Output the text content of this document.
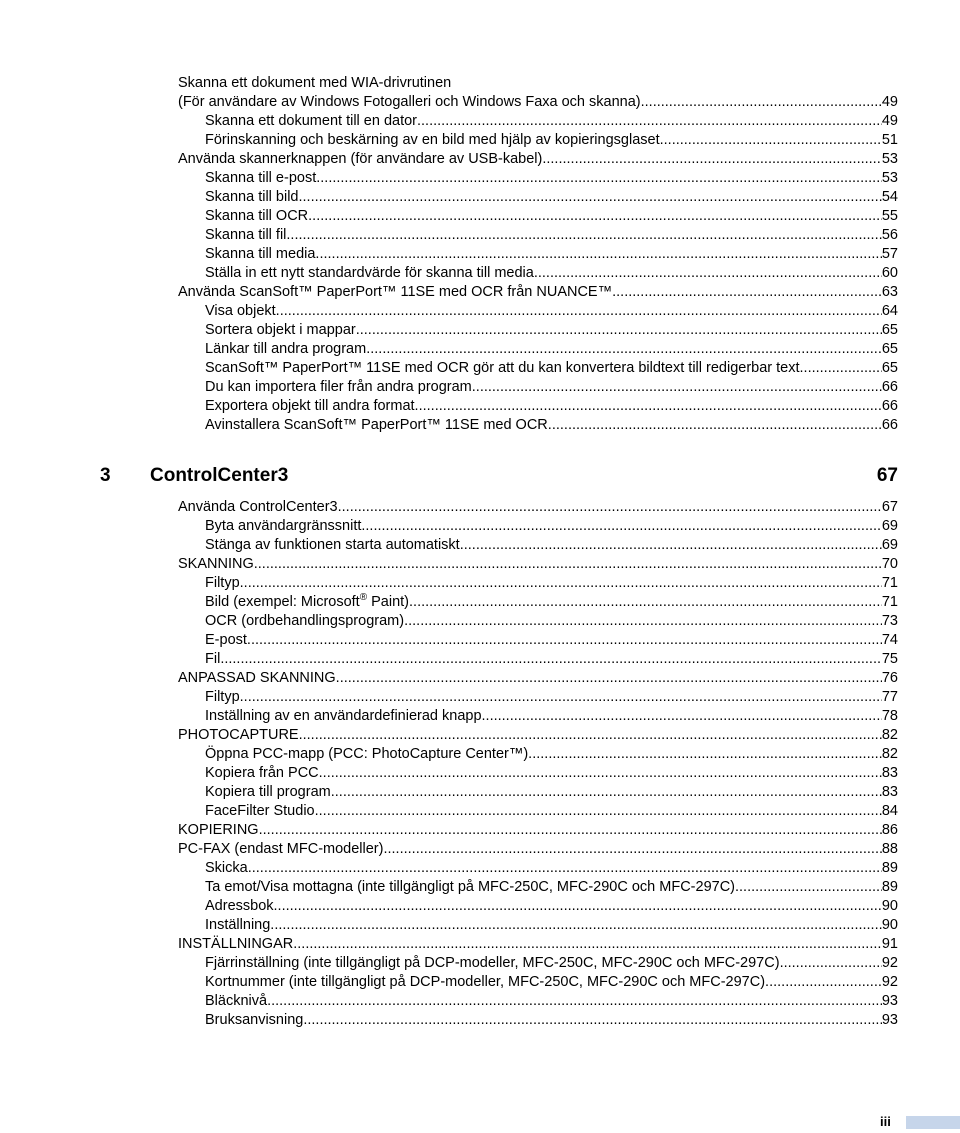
Skanna ett dokument med WIA-drivrutinen
(För användare av Windows Fotogalleri och Windows Faxa och skanna) .....	49
Skanna ett dokument till en dator .....	49
Förinskanning och beskärning av en bild med hjälp av kopieringsglaset .....	51
Använda skannerknappen (för användare av USB-kabel) .....	53
Skanna till e-post .....	53
Skanna till bild .....	54
Skanna till OCR .....	55
Skanna till fil .....	56
Skanna till media .....	57
Ställa in ett nytt standardvärde för skanna till media .....	60
Använda ScanSoft™ PaperPort™ 11SE med OCR från NUANCE™ .....	63
Visa objekt .....	64
Sortera objekt i mappar .....	65
Länkar till andra program .....	65
ScanSoft™ PaperPort™ 11SE med OCR gör att du kan konvertera bildtext till redigerbar text .....	65
Du kan importera filer från andra program .....	66
Exportera objekt till andra format .....	66
Avinstallera ScanSoft™ PaperPort™ 11SE med OCR .....	66
3 ControlCenter3	67
Använda ControlCenter3 .....	67
Byta användargränssnitt .....	69
Stänga av funktionen starta automatiskt .....	69
SKANNING .....	70
Filtyp .....	71
Bild (exempel: Microsoft® Paint) .....	71
OCR (ordbehandlingsprogram) .....	73
E-post .....	74
Fil .....	75
ANPASSAD SKANNING .....	76
Filtyp .....	77
Inställning av en användardefinierad knapp .....	78
PHOTOCAPTURE .....	82
Öppna PCC-mapp (PCC: PhotoCapture Center™) .....	82
Kopiera från PCC .....	83
Kopiera till program .....	83
FaceFilter Studio .....	84
KOPIERING .....	86
PC-FAX (endast MFC-modeller) .....	88
Skicka .....	89
Ta emot/Visa mottagna (inte tillgängligt på MFC-250C, MFC-290C och MFC-297C) .....	89
Adressbok .....	90
Inställning .....	90
INSTÄLLNINGAR .....	91
Fjärrinställning (inte tillgängligt på DCP-modeller, MFC-250C, MFC-290C och MFC-297C) .....	92
Kortnummer (inte tillgängligt på DCP-modeller, MFC-250C, MFC-290C och MFC-297C) .....	92
Bläcknivå .....	93
Bruksanvisning .....	93
iii
